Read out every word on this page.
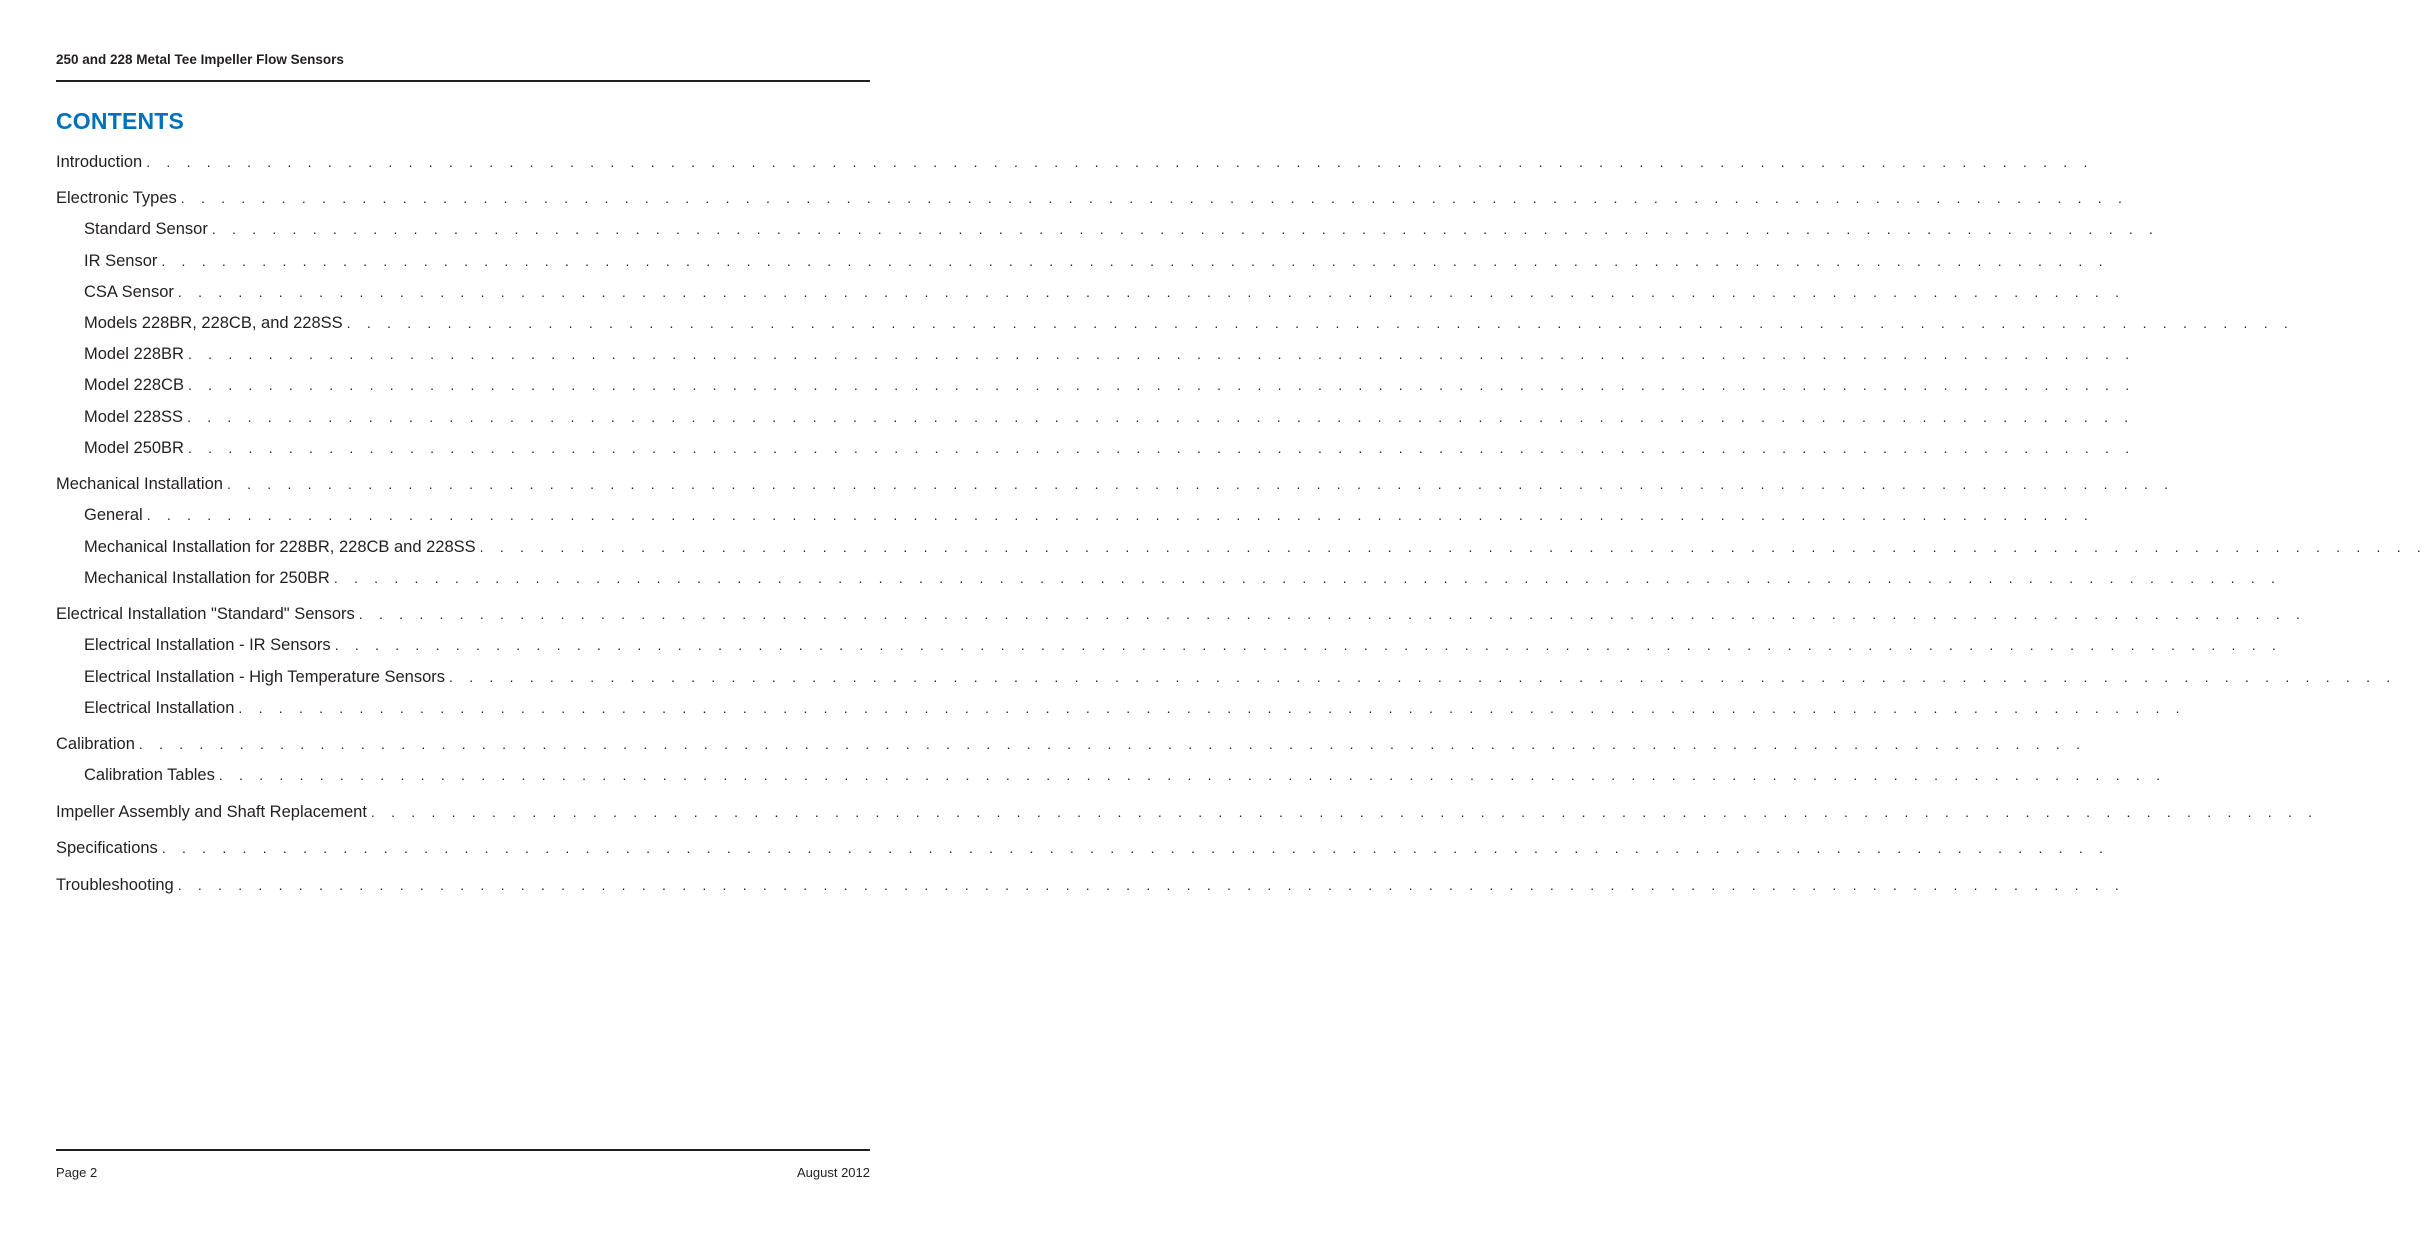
250 and 228 Metal Tee Impeller Flow Sensors
CONTENTS
Introduction . . . . . . . . . . . . . . . . . . . . . . . . . . . . . . . . . . . . . . . . . . . . . . . . . . . . . . . . . . . . . . . . . . . . . . . . . . . . . . . . . . . . . . . . . . . . . . . . .
Electronic Types . . . . . . . . . . . . . . . . . . . . . . . . . . . . . . . . . . . . . . . . . . . . . . . . . . . . . . . . . . . . . . . . . . . . . . . . . . . . . . . . . . . . . . . . . . . . . . . . .
Standard Sensor . . . . . . . . . . . . . . . . . . . . . . . . . . . . . . . . . . . . . . . . . . . . . . . . . . . . . . . . . . . . . . . . . . . . . . . . . . . . . . . . . . . . . . . . . . . . . . . . .
IR Sensor . . . . . . . . . . . . . . . . . . . . . . . . . . . . . . . . . . . . . . . . . . . . . . . . . . . . . . . . . . . . . . . . . . . . . . . . . . . . . . . . . . . . . . . . . . . . . . . . .
CSA Sensor . . . . . . . . . . . . . . . . . . . . . . . . . . . . . . . . . . . . . . . . . . . . . . . . . . . . . . . . . . . . . . . . . . . . . . . . . . . . . . . . . . . . . . . . . . . . . . . . .
Models 228BR, 228CB, and 228SS . . . . . . . . . . . . . . . . . . . . . . . . . . . . . . . . . . . . . . . . . . . . . . . . . . . . . . . . . . . . . . . . . . . . . . . . . . . . . . . . . . . . . . . . . . . . . . . . .
Model 228BR . . . . . . . . . . . . . . . . . . . . . . . . . . . . . . . . . . . . . . . . . . . . . . . . . . . . . . . . . . . . . . . . . . . . . . . . . . . . . . . . . . . . . . . . . . . . . . . . .
Model 228CB . . . . . . . . . . . . . . . . . . . . . . . . . . . . . . . . . . . . . . . . . . . . . . . . . . . . . . . . . . . . . . . . . . . . . . . . . . . . . . . . . . . . . . . . . . . . . . . . .
Model 228SS . . . . . . . . . . . . . . . . . . . . . . . . . . . . . . . . . . . . . . . . . . . . . . . . . . . . . . . . . . . . . . . . . . . . . . . . . . . . . . . . . . . . . . . . . . . . . . . . .
Model 250BR . . . . . . . . . . . . . . . . . . . . . . . . . . . . . . . . . . . . . . . . . . . . . . . . . . . . . . . . . . . . . . . . . . . . . . . . . . . . . . . . . . . . . . . . . . . . . . . . .
Mechanical Installation . . . . . . . . . . . . . . . . . . . . . . . . . . . . . . . . . . . . . . . . . . . . . . . . . . . . . . . . . . . . . . . . . . . . . . . . . . . . . . . . . . . . . . . . . . . . . . . . .
General . . . . . . . . . . . . . . . . . . . . . . . . . . . . . . . . . . . . . . . . . . . . . . . . . . . . . . . . . . . . . . . . . . . . . . . . . . . . . . . . . . . . . . . . . . . . . . . . .
Mechanical Installation for 228BR, 228CB and 228SS . . . . . . . . . . . . . . . . . . . . . . . . . . . . . . . . . . . . . . . . . . . . . . . . . . . . . . . . . . . . . . . . . . . . . . . . . . . . . . . . . . . . . . . . . . . . . . . . .
Mechanical Installation for 250BR . . . . . . . . . . . . . . . . . . . . . . . . . . . . . . . . . . . . . . . . . . . . . . . . . . . . . . . . . . . . . . . . . . . . . . . . . . . . . . . . . . . . . . . . . . . . . . . . .
Electrical Installation "Standard" Sensors . . . . . . . . . . . . . . . . . . . . . . . . . . . . . . . . . . . . . . . . . . . . . . . . . . . . . . . . . . . . . . . . . . . . . . . . . . . . . . . . . . . . . . . . . . . . . . . . .
Electrical Installation - IR Sensors . . . . . . . . . . . . . . . . . . . . . . . . . . . . . . . . . . . . . . . . . . . . . . . . . . . . . . . . . . . . . . . . . . . . . . . . . . . . . . . . . . . . . . . . . . . . . . . . .
Electrical Installation - High Temperature Sensors . . . . . . . . . . . . . . . . . . . . . . . . . . . . . . . . . . . . . . . . . . . . . . . . . . . . . . . . . . . . . . . . . . . . . . . . . . . . . . . . . . . . . . . . . . . . . . . . .
Electrical Installation . . . . . . . . . . . . . . . . . . . . . . . . . . . . . . . . . . . . . . . . . . . . . . . . . . . . . . . . . . . . . . . . . . . . . . . . . . . . . . . . . . . . . . . . . . . . . . . . .
Calibration . . . . . . . . . . . . . . . . . . . . . . . . . . . . . . . . . . . . . . . . . . . . . . . . . . . . . . . . . . . . . . . . . . . . . . . . . . . . . . . . . . . . . . . . . . . . . . . . .
Calibration Tables . . . . . . . . . . . . . . . . . . . . . . . . . . . . . . . . . . . . . . . . . . . . . . . . . . . . . . . . . . . . . . . . . . . . . . . . . . . . . . . . . . . . . . . . . . . . . . . . .
Impeller Assembly and Shaft Replacement . . . . . . . . . . . . . . . . . . . . . . . . . . . . . . . . . . . . . . . . . . . . . . . . . . . . . . . . . . . . . . . . . . . . . . . . . . . . . . . . . . . . . . . . . . . . . . . . .
Specifications . . . . . . . . . . . . . . . . . . . . . . . . . . . . . . . . . . . . . . . . . . . . . . . . . . . . . . . . . . . . . . . . . . . . . . . . . . . . . . . . . . . . . . . . . . . . . . . . .
Troubleshooting . . . . . . . . . . . . . . . . . . . . . . . . . . . . . . . . . . . . . . . . . . . . . . . . . . . . . . . . . . . . . . . . . . . . . . . . . . . . . . . . . . . . . . . . . . . . . . . . .
Page 2	August 2012
